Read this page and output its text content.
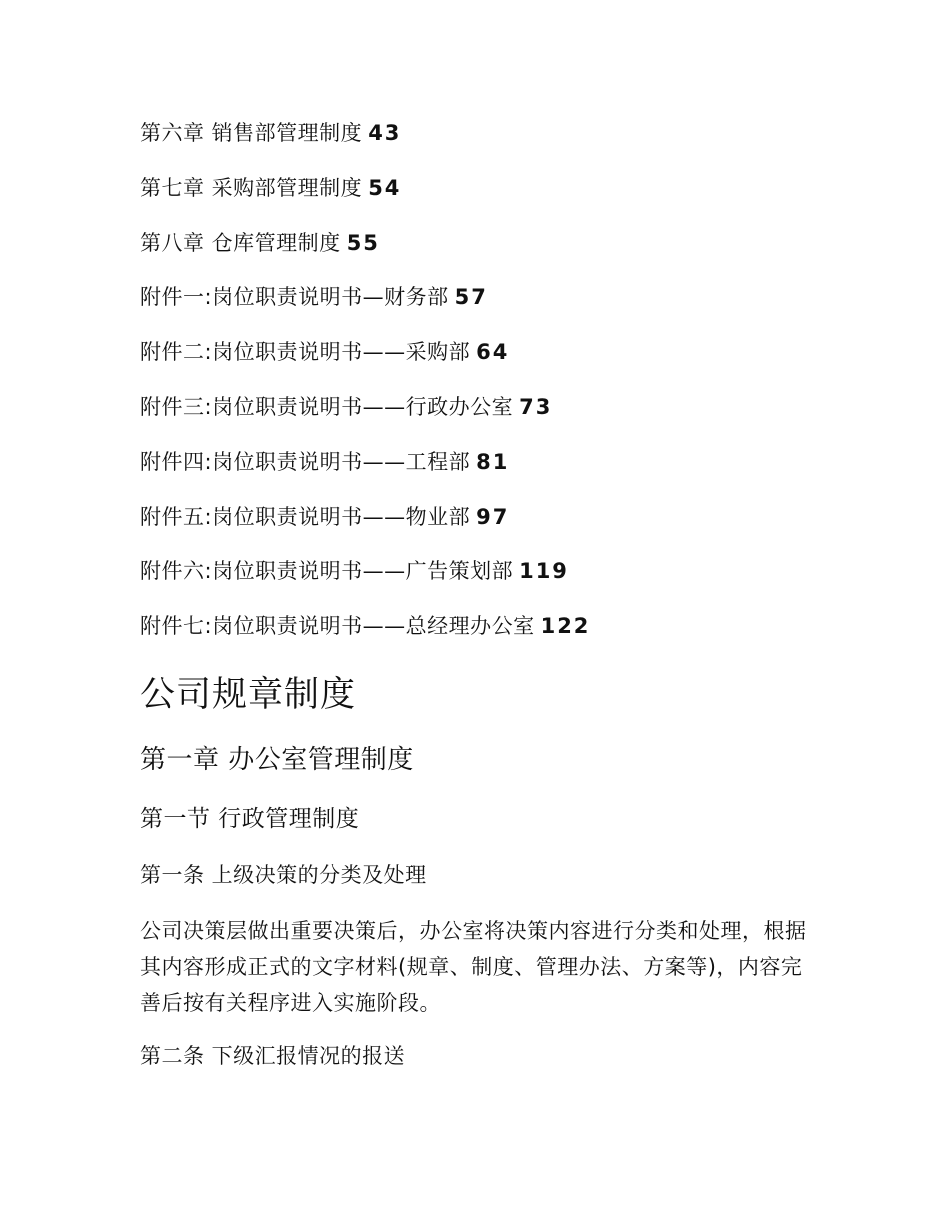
第六章 销售部管理制度 43
第七章 采购部管理制度 54
第八章 仓库管理制度 55
附件一:岗位职责说明书—财务部 57
附件二:岗位职责说明书——采购部 64
附件三:岗位职责说明书——行政办公室 73
附件四:岗位职责说明书——工程部 81
附件五:岗位职责说明书——物业部 97
附件六:岗位职责说明书——广告策划部 119
附件七:岗位职责说明书——总经理办公室 122
公司规章制度
第一章 办公室管理制度
第一节 行政管理制度
第一条 上级决策的分类及处理
公司决策层做出重要决策后，办公室将决策内容进行分类和处理，根据其内容形成正式的文字材料(规章、制度、管理办法、方案等)，内容完善后按有关程序进入实施阶段。
第二条 下级汇报情况的报送
